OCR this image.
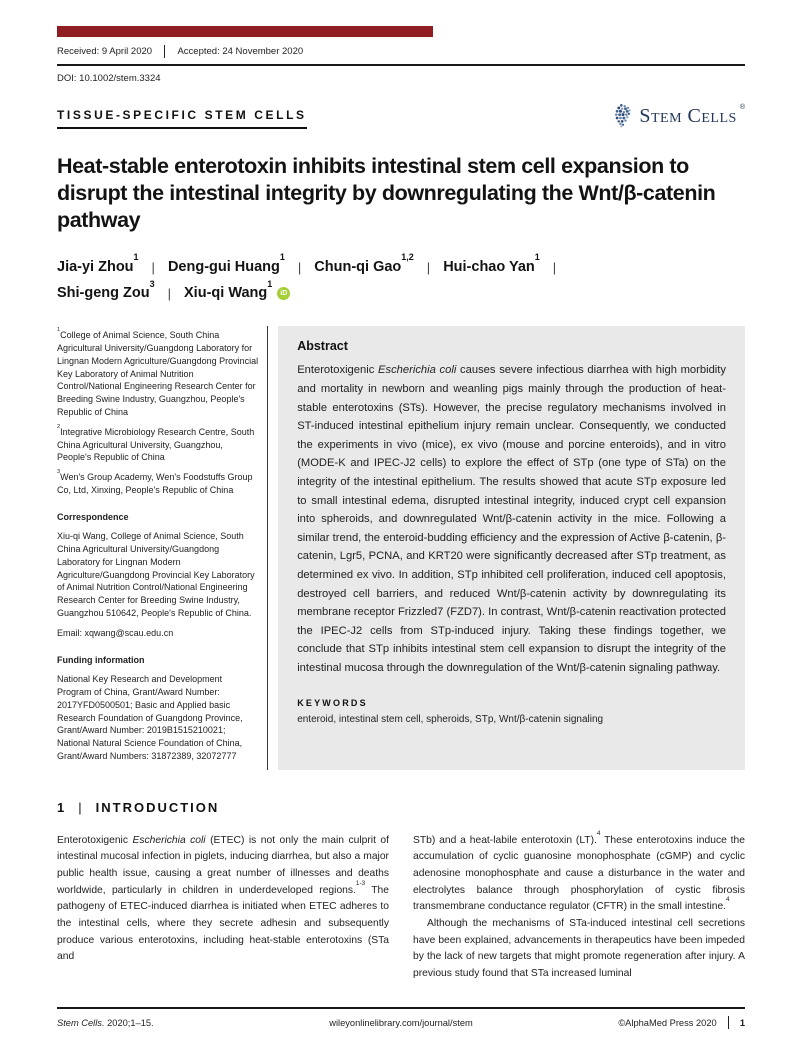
Received: 9 April 2020	Accepted: 24 November 2020
DOI: 10.1002/stem.3324
TISSUE-SPECIFIC STEM CELLS	Stem Cells ®
Heat-stable enterotoxin inhibits intestinal stem cell expansion to disrupt the intestinal integrity by downregulating the Wnt/β-catenin pathway
Jia-yi Zhou$^1$
| Deng-gui Huang$^1$
| Chun-qi Gao$^{1,2}$
| Hui-chao Yan$^1$
|
Shi-geng Zou$^3$
| Xiu-qi Wang$^1$
iD

$^1$College of Animal Science, South China Agricultural University/Guangdong Laboratory for Lingnan Modern Agriculture/Guangdong Provincial Key Laboratory of Animal Nutrition Control/National Engineering Research Center for Breeding Swine Industry, Guangzhou, People's Republic of China

$^2$Integrative Microbiology Research Centre, South China Agricultural University, Guangzhou, People's Republic of China

$^3$Wen's Group Academy, Wen's Foodstuffs Group Co, Ltd, Xinxing, People's Republic of China

Correspondence

Xiu-qi Wang, College of Animal Science, South China Agricultural University/Guangdong Laboratory for Lingnan Modern Agriculture/Guangdong Provincial Key Laboratory of Animal Nutrition Control/National Engineering Research Center for Breeding Swine Industry, Guangzhou 510642, People's Republic of China.

Email: xqwang@scau.edu.cn

Funding information

National Key Research and Development Program of China, Grant/Award Number: 2017YFD0500501; Basic and Applied basic Research Foundation of Guangdong Province, Grant/Award Number: 2019B1515210021; National Natural Science Foundation of China, Grant/Award Numbers: 31872389, 32072777

Abstract

Enterotoxigenic Escherichia coli causes severe infectious diarrhea with high morbidity and mortality in newborn and weanling pigs mainly through the production of heat-stable enterotoxins (STs). However, the precise regulatory mechanisms involved in ST-induced intestinal epithelium injury remain unclear. Consequently, we conducted the experiments in vivo (mice), ex vivo (mouse and porcine enteroids), and in vitro (MODE-K and IPEC-J2 cells) to explore the effect of STp (one type of STa) on the integrity of the intestinal epithelium. The results showed that acute STp exposure led to small intestinal edema, disrupted intestinal integrity, induced crypt cell expansion into spheroids, and downregulated Wnt/β-catenin activity in the mice. Following a similar trend, the enteroid-budding efficiency and the expression of Active β-catenin, β-catenin, Lgr5, PCNA, and KRT20 were significantly decreased after STp treatment, as determined ex vivo. In addition, STp inhibited cell proliferation, induced cell apoptosis, destroyed cell barriers, and reduced Wnt/β-catenin activity by downregulating its membrane receptor Frizzled7 (FZD7). In contrast, Wnt/β-catenin reactivation protected the IPEC-J2 cells from STp-induced injury. Taking these findings together, we conclude that STp inhibits intestinal stem cell expansion to disrupt the integrity of the intestinal mucosa through the downregulation of the Wnt/β-catenin signaling pathway.

KEYWORDS
enteroid, intestinal stem cell, spheroids, STp, Wnt/β-catenin signaling
1 | INTRODUCTION

Enterotoxigenic Escherichia coli (ETEC) is not only the main culprit of intestinal mucosal infection in piglets, inducing diarrhea, but also a major public health issue, causing a great number of illnesses and deaths worldwide, particularly in children in underdeveloped regions.$^{1-3}$ The pathogeny of ETEC-induced diarrhea is initiated when ETEC adheres to the intestinal cells, where they secrete adhesin and subsequently produce various enterotoxins, including heat-stable enterotoxins (STa and

STb) and a heat-labile enterotoxin (LT).$^4$ These enterotoxins induce the accumulation of cyclic guanosine monophosphate (cGMP) and cyclic adenosine monophosphate and cause a disturbance in the water and electrolytes balance through phosphorylation of cystic fibrosis transmembrane conductance regulator (CFTR) in the small intestine.$^4$

Although the mechanisms of STa-induced intestinal cell secretions have been explained, advancements in therapeutics have been impeded by the lack of new targets that might promote regeneration after injury. A previous study found that STa increased luminal

Stem Cells. 2020;1–15.	wileyonlinelibrary.com/journal/stem	©AlphaMed Press 2020 1
